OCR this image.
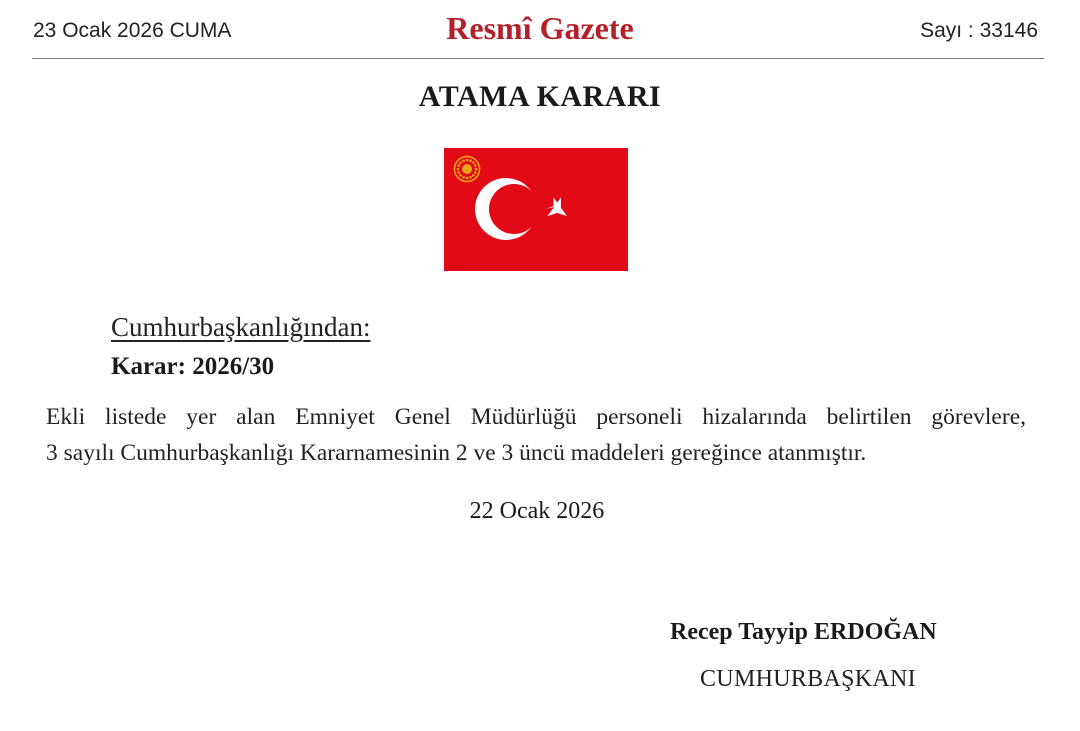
23 Ocak 2026 CUMA	Resmî Gazete	Sayı : 33146
ATAMA KARARI
Cumhurbaşkanlığından:
Karar: 2026/30
Ekli listede yer alan Emniyet Genel Müdürlüğü personeli hizalarında belirtilen görevlere,
3 sayılı Cumhurbaşkanlığı Kararnamesinin 2 ve 3 üncü maddeleri gereğince atanmıştır.
22 Ocak 2026
Recep Tayyip ERDOĞAN
CUMHURBAŞKANI
